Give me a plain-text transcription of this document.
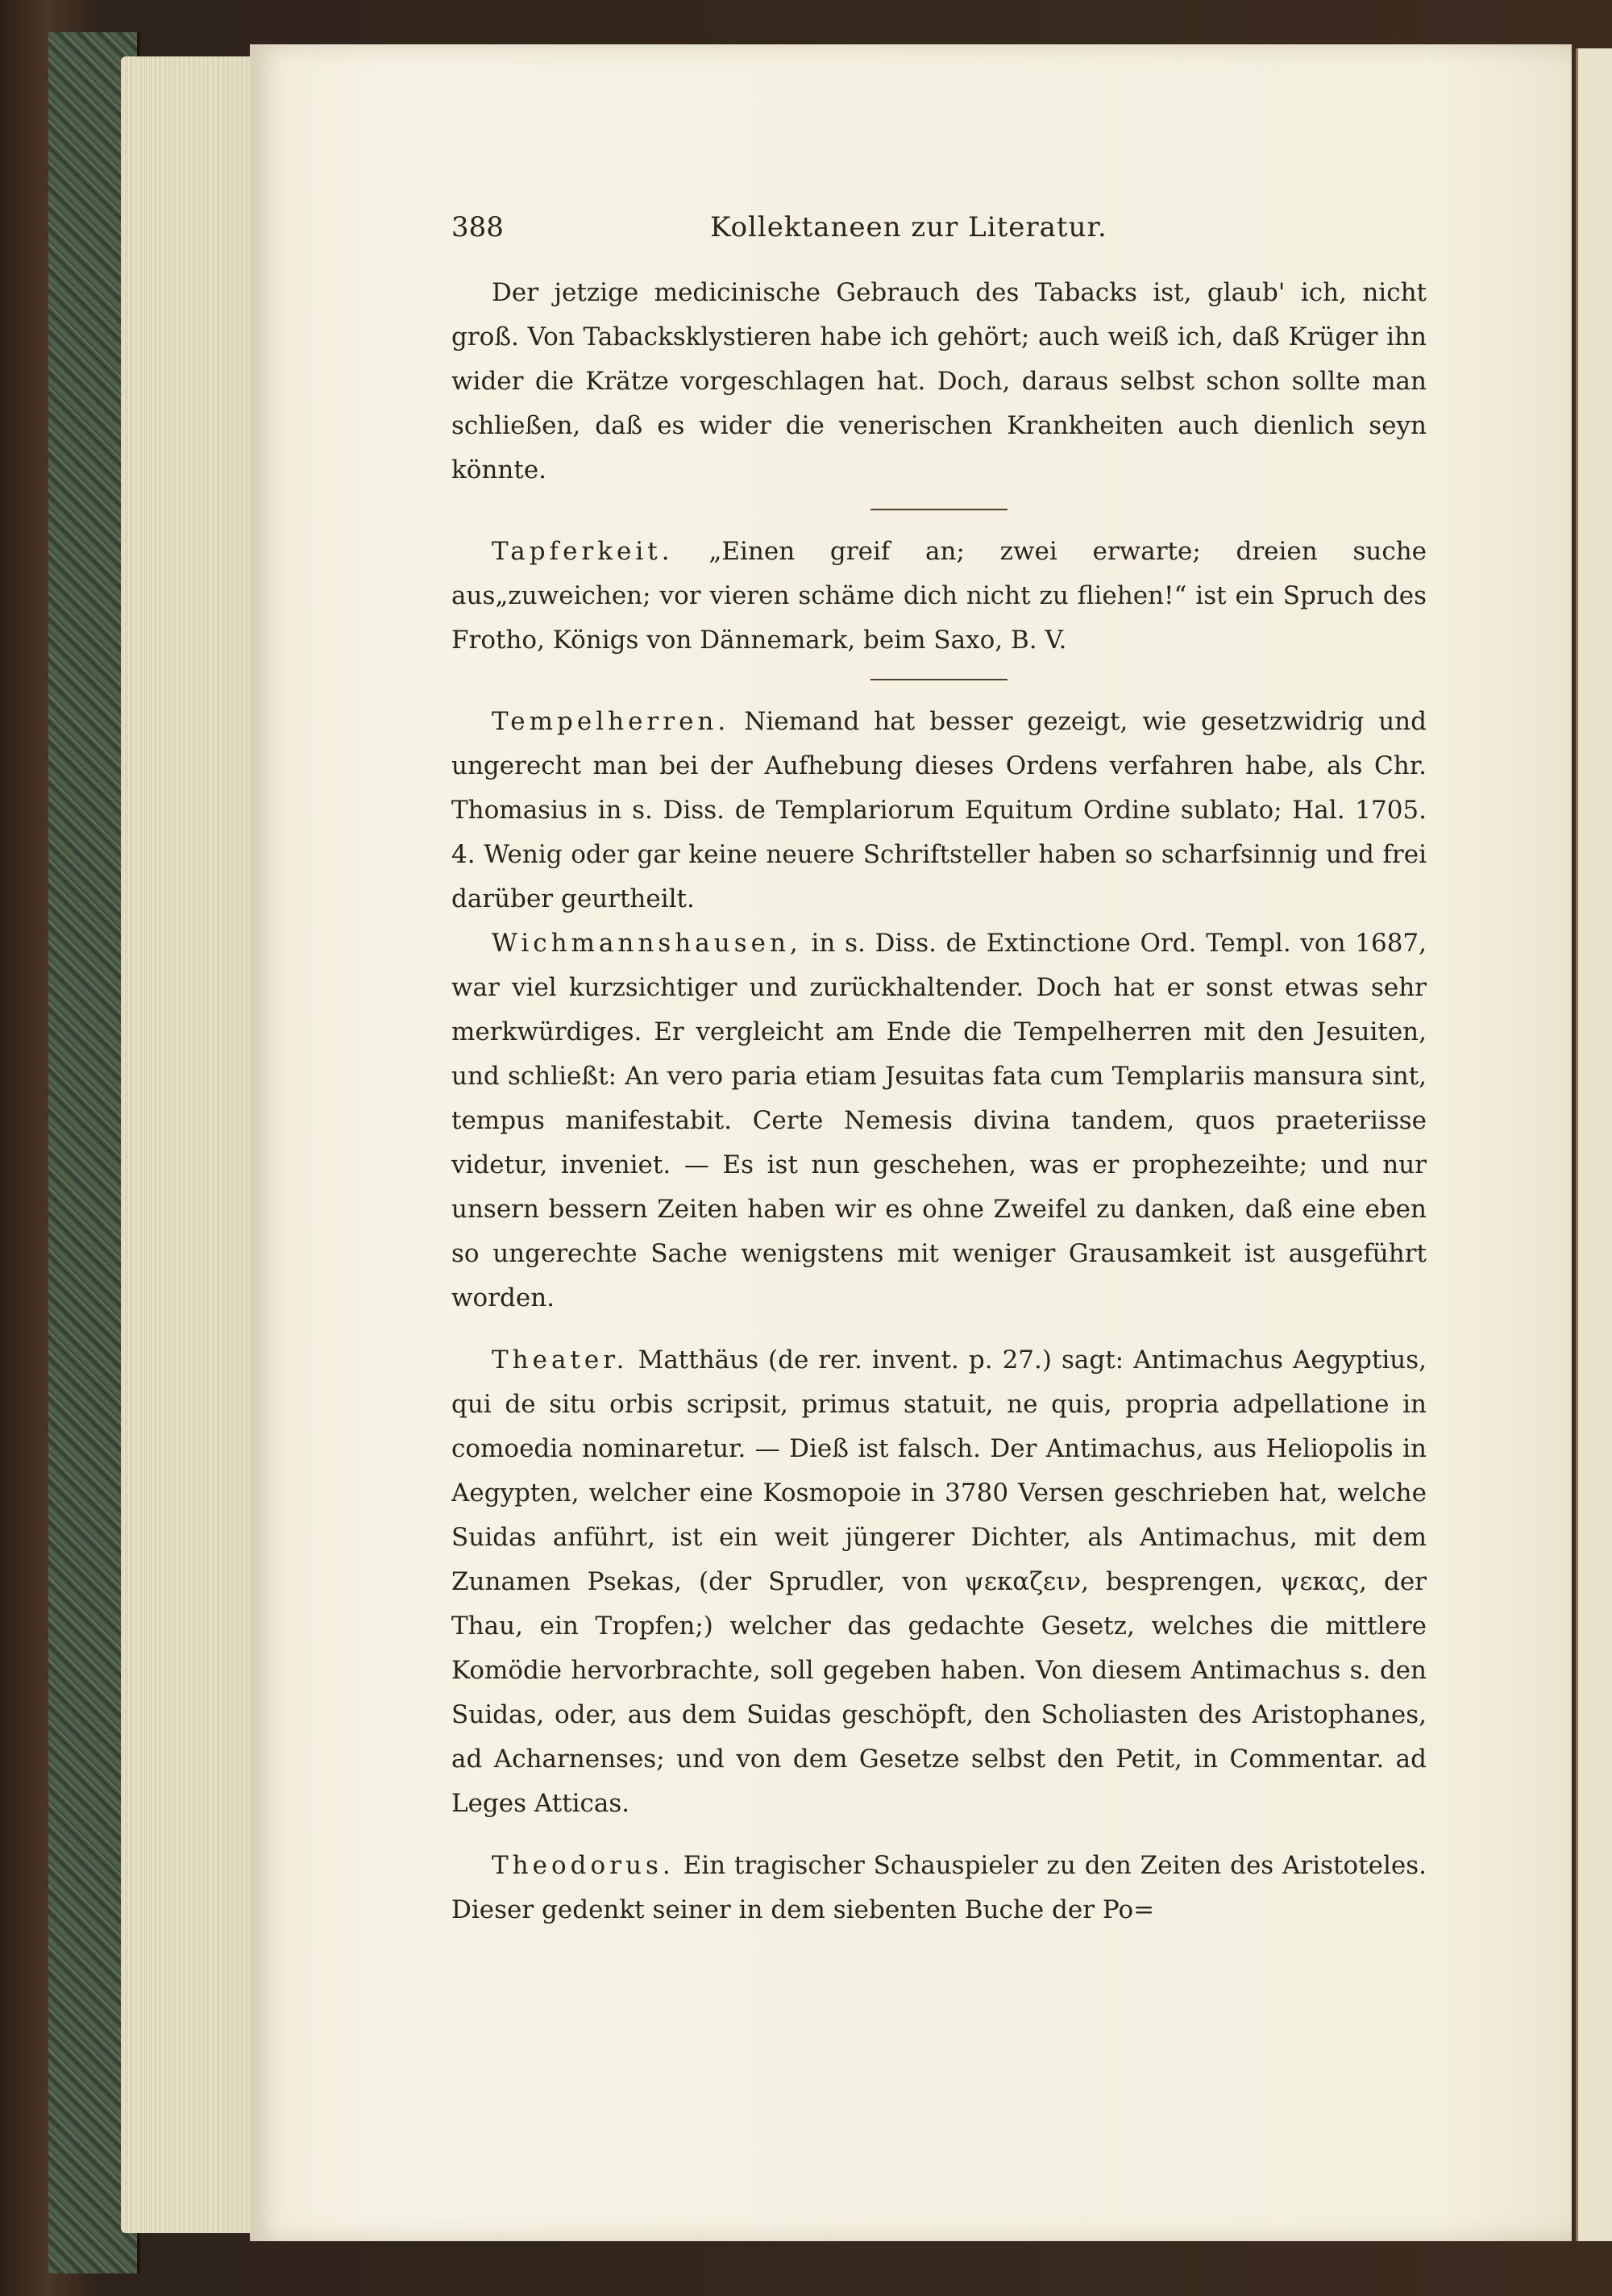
388	Kollektaneen zur Literatur.

Der jetzige medicinische Gebrauch des Tabacks ist, glaub' ich, nicht groß. Von Tabacksklystieren habe ich gehört; auch weiß ich, daß Krüger ihn wider die Krätze vorgeschlagen hat. Doch, daraus selbst schon sollte man schließen, daß es wider die venerischen Krankheiten auch dienlich seyn könnte.

Tapferkeit. „Einen greif an; zwei erwarte; dreien suche aus„zuweichen; vor vieren schäme dich nicht zu fliehen!“ ist ein Spruch des Frotho, Königs von Dännemark, beim Saxo, B. V.

Tempelherren. Niemand hat besser gezeigt, wie gesetzwidrig und ungerecht man bei der Aufhebung dieses Ordens verfahren habe, als Chr. Thomasius in s. Diss. de Templariorum Equitum Ordine sublato; Hal. 1705. 4. Wenig oder gar keine neuere Schriftsteller haben so scharfsinnig und frei darüber geurtheilt.

Wichmannshausen, in s. Diss. de Extinctione Ord. Templ. von 1687, war viel kurzsichtiger und zurückhaltender. Doch hat er sonst etwas sehr merkwürdiges. Er vergleicht am Ende die Tempelherren mit den Jesuiten, und schließt: An vero paria etiam Jesuitas fata cum Templariis mansura sint, tempus manifestabit. Certe Nemesis divina tandem, quos praeteriisse videtur, inveniet. — Es ist nun geschehen, was er prophezeihte; und nur unsern bessern Zeiten haben wir es ohne Zweifel zu danken, daß eine eben so ungerechte Sache wenigstens mit weniger Grausamkeit ist ausgeführt worden.

Theater. Matthäus (de rer. invent. p. 27.) sagt: Antimachus Aegyptius, qui de situ orbis scripsit, primus statuit, ne quis, propria adpellatione in comoedia nominaretur. — Dieß ist falsch. Der Antimachus, aus Heliopolis in Aegypten, welcher eine Kosmopoie in 3780 Versen geschrieben hat, welche Suidas anführt, ist ein weit jüngerer Dichter, als Antimachus, mit dem Zunamen Psekas, (der Sprudler, von ψεκαζειν, besprengen, ψεκας, der Thau, ein Tropfen;) welcher das gedachte Gesetz, welches die mittlere Komödie hervorbrachte, soll gegeben haben. Von diesem Antimachus s. den Suidas, oder, aus dem Suidas geschöpft, den Scholiasten des Aristophanes, ad Acharnenses; und von dem Gesetze selbst den Petit, in Commentar. ad Leges Atticas.

Theodorus. Ein tragischer Schauspieler zu den Zeiten des Aristoteles. Dieser gedenkt seiner in dem siebenten Buche der Po=
